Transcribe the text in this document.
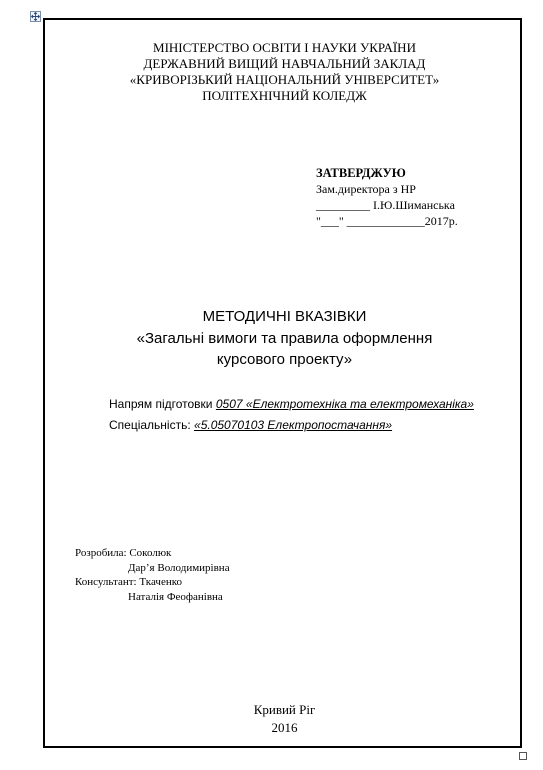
МІНІСТЕРСТВО ОСВІТИ І НАУКИ УКРАЇНИ
ДЕРЖАВНИЙ ВИЩИЙ НАВЧАЛЬНИЙ ЗАКЛАД
«КРИВОРІЗЬКИЙ НАЦІОНАЛЬНИЙ УНІВЕРСИТЕТ»
ПОЛІТЕХНІЧНИЙ КОЛЕДЖ
ЗАТВЕРДЖУЮ
Зам.директора з НР
_________ І.Ю.Шиманська
"___" _____________2017р.
МЕТОДИЧНІ ВКАЗІВКИ
«Загальні вимоги та правила оформлення
курсового проекту»
Напрям підготовки 0507 «Електротехніка та електромеханіка»
Спеціальність: «5.05070103 Електропостачання»
Розробила: Соколюк
Дар’я Володимирівна
Консультант: Ткаченко
Наталія Феофанівна
Кривий Ріг
2016
